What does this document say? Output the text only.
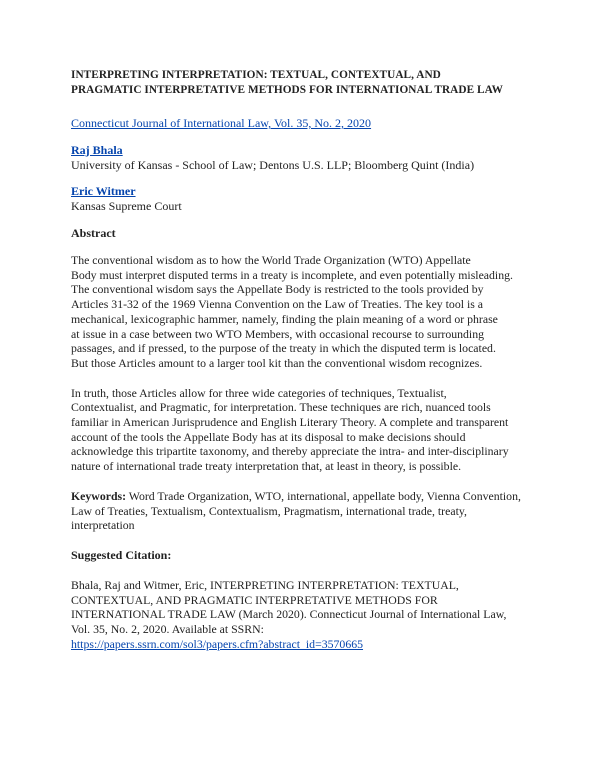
INTERPRETING INTERPRETATION: TEXTUAL, CONTEXTUAL, AND
PRAGMATIC INTERPRETATIVE METHODS FOR INTERNATIONAL TRADE LAW
Connecticut Journal of International Law, Vol. 35, No. 2, 2020
Raj Bhala
University of Kansas - School of Law; Dentons U.S. LLP; Bloomberg Quint (India)
Eric Witmer
Kansas Supreme Court
Abstract

The conventional wisdom as to how the World Trade Organization (WTO) Appellate
Body must interpret disputed terms in a treaty is incomplete, and even potentially misleading.
The conventional wisdom says the Appellate Body is restricted to the tools provided by
Articles 31-32 of the 1969 Vienna Convention on the Law of Treaties. The key tool is a
mechanical, lexicographic hammer, namely, finding the plain meaning of a word or phrase
at issue in a case between two WTO Members, with occasional recourse to surrounding
passages, and if pressed, to the purpose of the treaty in which the disputed term is located.
But those Articles amount to a larger tool kit than the conventional wisdom recognizes.

In truth, those Articles allow for three wide categories of techniques, Textualist,
Contextualist, and Pragmatic, for interpretation. These techniques are rich, nuanced tools
familiar in American Jurisprudence and English Literary Theory. A complete and transparent
account of the tools the Appellate Body has at its disposal to make decisions should
acknowledge this tripartite taxonomy, and thereby appreciate the intra- and inter-disciplinary
nature of international trade treaty interpretation that, at least in theory, is possible.

Keywords: Word Trade Organization, WTO, international, appellate body, Vienna Convention,
Law of Treaties, Textualism, Contextualism, Pragmatism, international trade, treaty,
interpretation
Suggested Citation:

Bhala, Raj and Witmer, Eric, INTERPRETING INTERPRETATION: TEXTUAL,
CONTEXTUAL, AND PRAGMATIC INTERPRETATIVE METHODS FOR
INTERNATIONAL TRADE LAW (March 2020). Connecticut Journal of International Law,
Vol. 35, No. 2, 2020. Available at SSRN:
https://papers.ssrn.com/sol3/papers.cfm?abstract_id=3570665
